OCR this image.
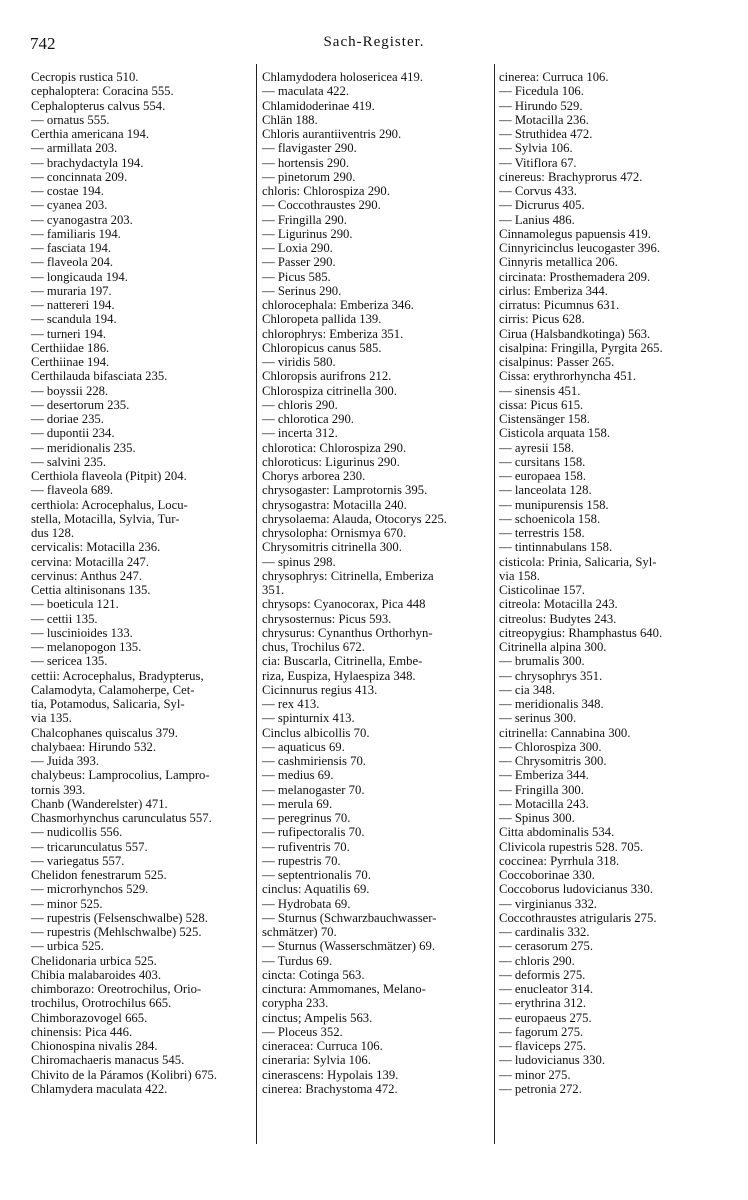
742	Sach-Register.
Cecropis rustica 510.
cephaloptera: Coracina 555.
Cephalopterus calvus 554.
— ornatus 555.
Certhia americana 194.
— armillata 203.
— brachydactyla 194.
— concinnata 209.
— costae 194.
— cyanea 203.
— cyanogastra 203.
— familiaris 194.
— fasciata 194.
— flaveola 204.
— longicauda 194.
— muraria 197.
— nattereri 194.
— scandula 194.
— turneri 194.
Certhiidae 186.
Certhiinae 194.
Certhilauda bifasciata 235.
— boyssii 228.
— desertorum 235.
— doriae 235.
— dupontii 234.
— meridionalis 235.
— salvini 235.
Certhiola flaveola (Pitpit) 204.
— flaveola 689.
certhiola: Acrocephalus, Locu-
stella, Motacilla, Sylvia, Tur-
dus 128.
cervicalis: Motacilla 236.
cervina: Motacilla 247.
cervinus: Anthus 247.
Cettia altinisonans 135.
— boeticula 121.
— cettii 135.
— luscinioides 133.
— melanopogon 135.
— sericea 135.
cettii: Acrocephalus, Bradypterus,
Calamodyta, Calamoherpe, Cet-
tia, Potamodus, Salicaria, Syl-
via 135.
Chalcophanes quiscalus 379.
chalybaea: Hirundo 532.
— Juida 393.
chalybeus: Lamprocolius, Lampro-
tornis 393.
Chanb (Wanderelster) 471.
Chasmorhynchus carunculatus 557.
— nudicollis 556.
— tricarunculatus 557.
— variegatus 557.
Chelidon fenestrarum 525.
— microrhynchos 529.
— minor 525.
— rupestris (Felsenschwalbe) 528.
— rupestris (Mehlschwalbe) 525.
— urbica 525.
Chelidonaria urbica 525.
Chibia malabaroides 403.
chimborazo: Oreotrochilus, Orio-
trochilus, Orotrochilus 665.
Chimborazovogel 665.
chinensis: Pica 446.
Chionospina nivalis 284.
Chiromachaeris manacus 545.
Chivito de la Páramos (Kolibri) 675.
Chlamydera maculata 422.
Chlamydodera holosericea 419.
— maculata 422.
Chlamidoderinae 419.
Chlän 188.
Chloris aurantiiventris 290.
— flavigaster 290.
— hortensis 290.
— pinetorum 290.
chloris: Chlorospiza 290.
— Coccothraustes 290.
— Fringilla 290.
— Ligurinus 290.
— Loxia 290.
— Passer 290.
— Picus 585.
— Serinus 290.
chlorocephala: Emberiza 346.
Chloropeta pallida 139.
chlorophrys: Emberiza 351.
Chloropicus canus 585.
— viridis 580.
Chloropsis aurifrons 212.
Chlorospiza citrinella 300.
— chloris 290.
— chlorotica 290.
— incerta 312.
chlorotica: Chlorospiza 290.
chloroticus: Ligurinus 290.
Chorys arborea 230.
chrysogaster: Lamprotornis 395.
chrysogastra: Motacilla 240.
chrysolaema: Alauda, Otocorys 225.
chrysolopha: Ornismya 670.
Chrysomitris citrinella 300.
— spinus 298.
chrysophrys: Citrinella, Emberiza
351.
chrysops: Cyanocorax, Pica 448
chrysosternus: Picus 593.
chrysurus: Cynanthus Orthorhyn-
chus, Trochilus 672.
cia: Buscarla, Citrinella, Embe-
riza, Euspiza, Hylaespiza 348.
Cicinnurus regius 413.
— rex 413.
— spinturnix 413.
Cinclus albicollis 70.
— aquaticus 69.
— cashmiriensis 70.
— medius 69.
— melanogaster 70.
— merula 69.
— peregrinus 70.
— rufipectoralis 70.
— rufiventris 70.
— rupestris 70.
— septentrionalis 70.
cinclus: Aquatilis 69.
— Hydrobata 69.
— Sturnus (Schwarzbauchwasser-
schmätzer) 70.
— Sturnus (Wasserschmätzer) 69.
— Turdus 69.
cincta: Cotinga 563.
cinctura: Ammomanes, Melano-
corypha 233.
cinctus; Ampelis 563.
— Ploceus 352.
cineracea: Curruca 106.
cineraria: Sylvia 106.
cinerascens: Hypolais 139.
cinerea: Brachystoma 472.
cinerea: Curruca 106.
— Ficedula 106.
— Hirundo 529.
— Motacilla 236.
— Struthidea 472.
— Sylvia 106.
— Vitiflora 67.
cinereus: Brachyprorus 472.
— Corvus 433.
— Dicrurus 405.
— Lanius 486.
Cinnamolegus papuensis 419.
Cinnyricinclus leucogaster 396.
Cinnyris metallica 206.
circinata: Prosthemadera 209.
cirlus: Emberiza 344.
cirratus: Picumnus 631.
cirris: Picus 628.
Cirua (Halsbandkotinga) 563.
cisalpina: Fringilla, Pyrgita 265.
cisalpinus: Passer 265.
Cissa: erythrorhyncha 451.
— sinensis 451.
cissa: Picus 615.
Cistensänger 158.
Cisticola arquata 158.
— ayresii 158.
— cursitans 158.
— europaea 158.
— lanceolata 128.
— munipurensis 158.
— schoenicola 158.
— terrestris 158.
— tintinnabulans 158.
cisticola: Prinia, Salicaria, Syl-
via 158.
Cisticolinae 157.
citreola: Motacilla 243.
citreolus: Budytes 243.
citreopygius: Rhamphastus 640.
Citrinella alpina 300.
— brumalis 300.
— chrysophrys 351.
— cia 348.
— meridionalis 348.
— serinus 300.
citrinella: Cannabina 300.
— Chlorospiza 300.
— Chrysomitris 300.
— Emberiza 344.
— Fringilla 300.
— Motacilla 243.
— Spinus 300.
Citta abdominalis 534.
Clivicola rupestris 528. 705.
coccinea: Pyrrhula 318.
Coccoborinae 330.
Coccoborus ludovicianus 330.
— virginianus 332.
Coccothraustes atrigularis 275.
— cardinalis 332.
— cerasorum 275.
— chloris 290.
— deformis 275.
— enucleator 314.
— erythrina 312.
— europaeus 275.
— fagorum 275.
— flaviceps 275.
— ludovicianus 330.
— minor 275.
— petronia 272.
